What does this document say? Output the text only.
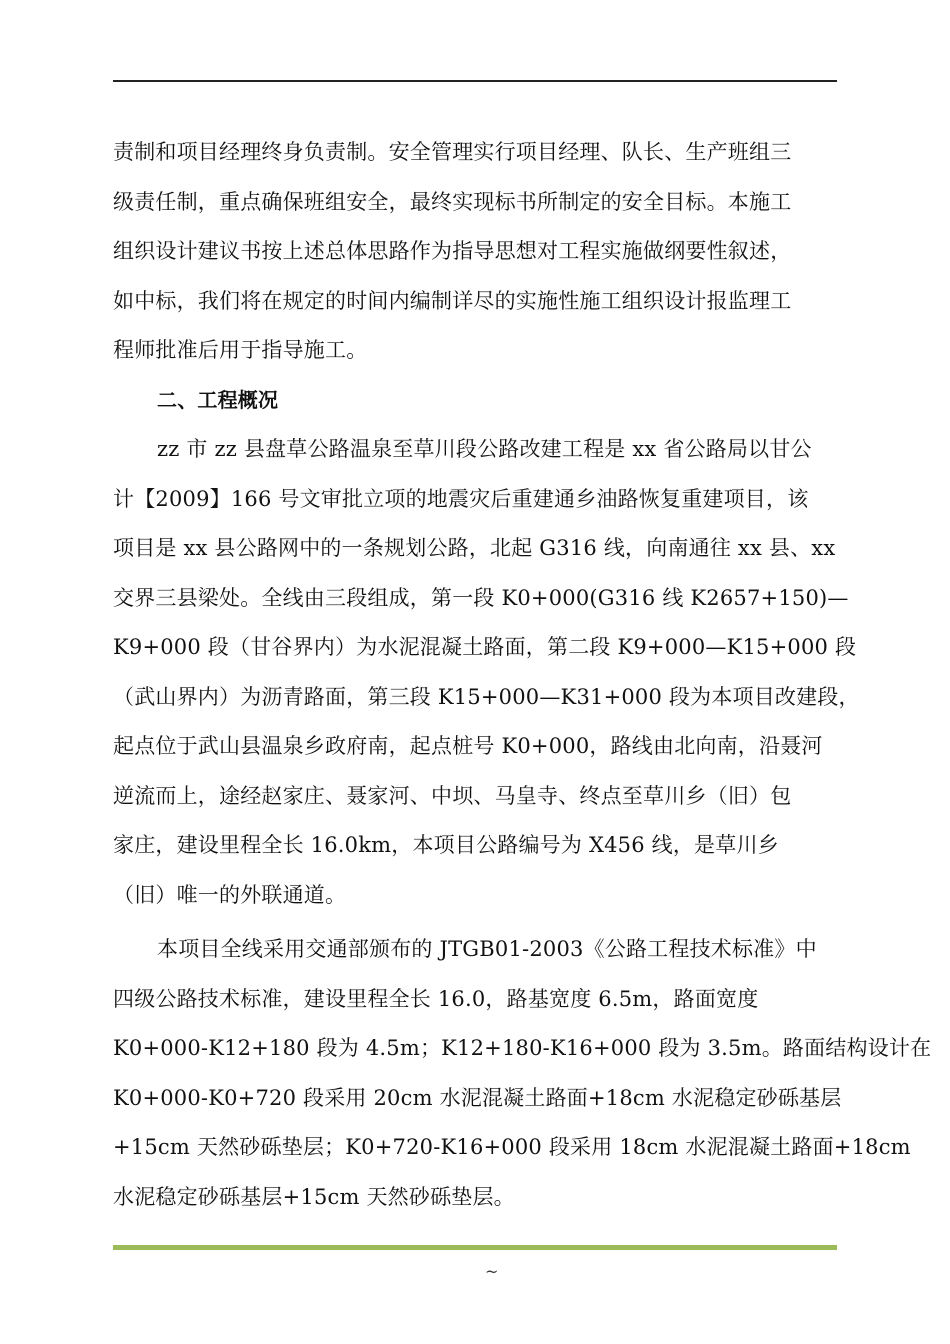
责制和项目经理终身负责制。安全管理实行项目经理、队长、生产班组三
级责任制，重点确保班组安全，最终实现标书所制定的安全目标。本施工
组织设计建议书按上述总体思路作为指导思想对工程实施做纲要性叙述，
如中标，我们将在规定的时间内编制详尽的实施性施工组织设计报监理工
程师批准后用于指导施工。
二、工程概况
zz 市 zz 县盘草公路温泉至草川段公路改建工程是 xx 省公路局以甘公
计【2009】166 号文审批立项的地震灾后重建通乡油路恢复重建项目，该
项目是 xx 县公路网中的一条规划公路，北起 G316 线，向南通往 xx 县、xx
交界三县梁处。全线由三段组成，第一段 K0+000(G316 线 K2657+150)—
K9+000 段（甘谷界内）为水泥混凝土路面，第二段 K9+000—K15+000 段
（武山界内）为沥青路面，第三段 K15+000—K31+000 段为本项目改建段，
起点位于武山县温泉乡政府南，起点桩号 K0+000，路线由北向南，沿聂河
逆流而上，途经赵家庄、聂家河、中坝、马皇寺、终点至草川乡（旧）包
家庄，建设里程全长 16.0km，本项目公路编号为 X456 线，是草川乡
（旧）唯一的外联通道。
本项目全线采用交通部颁布的 JTGB01-2003《公路工程技术标准》中
四级公路技术标准，建设里程全长 16.0，路基宽度 6.5m，路面宽度
K0+000-K12+180 段为 4.5m；K12+180-K16+000 段为 3.5m。路面结构设计在
K0+000-K0+720 段采用 20cm 水泥混凝土路面+18cm 水泥稳定砂砾基层
+15cm 天然砂砾垫层；K0+720-K16+000 段采用 18cm 水泥混凝土路面+18cm
水泥稳定砂砾基层+15cm 天然砂砾垫层。
~
